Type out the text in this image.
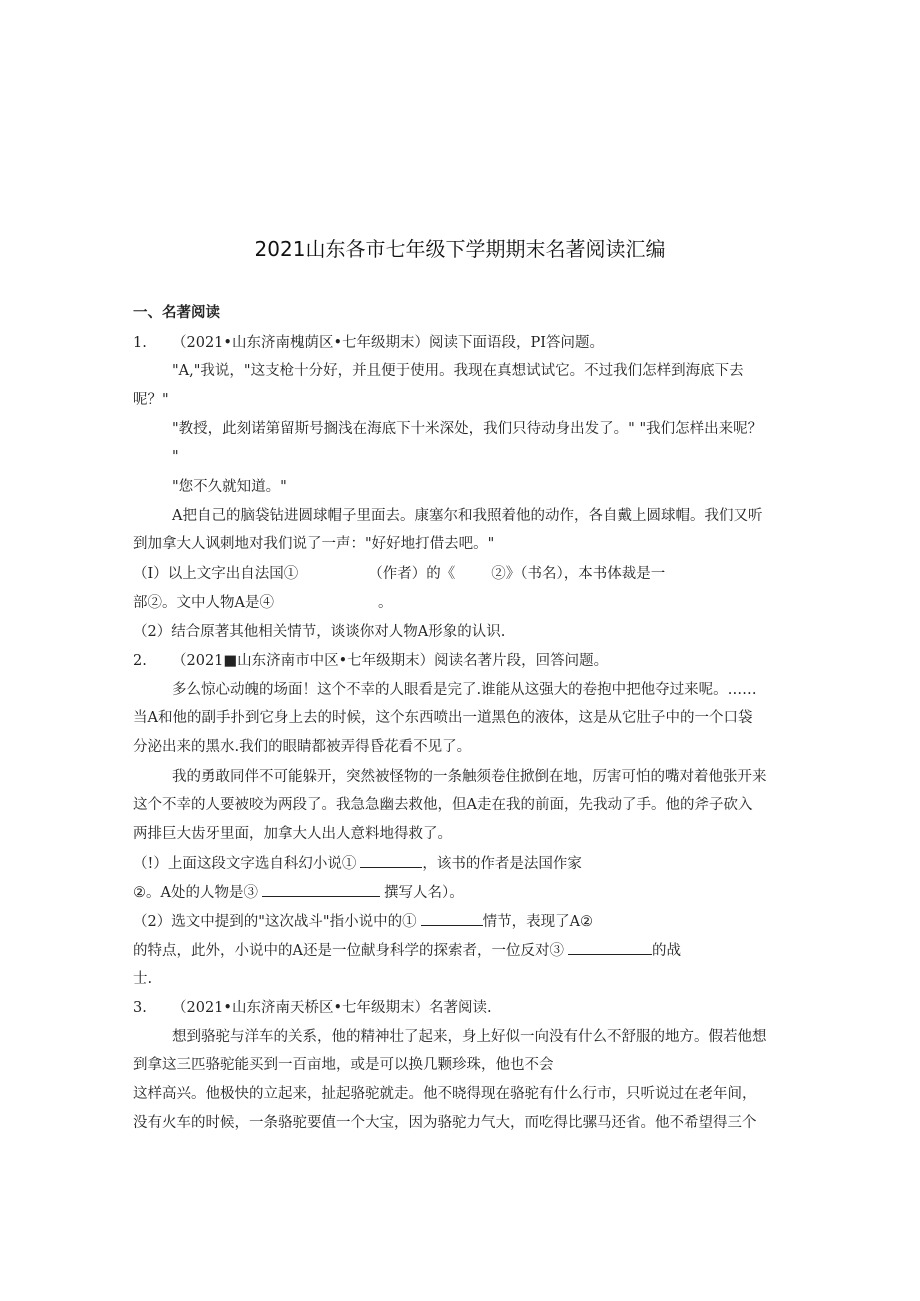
2021山东各市七年级下学期期末名著阅读汇编
一、名著阅读
1. （2021•山东济南槐荫区•七年级期末）阅读下面语段，PI答问题。
"A,"我说，"这支枪十分好，并且便于使用。我现在真想试试它。不过我们怎样到海底下去
呢？"
"教授，此刻诺第留斯号搁浅在海底下十米深处，我们只待动身出发了。" "我们怎样出来呢？
"
"您不久就知道。"
A把自己的脑袋钻进圆球帽子里面去。康塞尔和我照着他的动作，各自戴上圆球帽。我们又听
到加拿大人讽刺地对我们说了一声："好好地打借去吧。"
（I）以上文字出自法国①	（作者）的《 ②》（书名），本书体裁是一
部②。文中人物A是④	。
（2）结合原著其他相关情节，谈谈你对人物A形象的认识.
2. （2021■山东济南市中区•七年级期末）阅读名著片段，回答问题。
多么惊心动魄的场面！这个不幸的人眼看是完了.谁能从这强大的卷抱中把他夺过来呢。……
当A和他的副手扑到它身上去的时候，这个东西喷出一道黑色的液体，这是从它肚子中的一个口袋
分泌出来的黑水.我们的眼睛都被弄得昏花看不见了。
我的勇敢同伴不可能躲开，突然被怪物的一条触须卷住掀倒在地，厉害可怕的嘴对着他张开来
这个不幸的人要被咬为两段了。我急急幽去救他，但A走在我的前面，先我动了手。他的斧子砍入
两排巨大齿牙里面，加拿大人出人意料地得救了。
（!）上面这段文字选自科幻小说①	，该书的作者是法国作家
②。A处的人物是③	撰写人名）。
（2）选文中提到的"这次战斗"指小说中的①	情节，表现了A②
的特点，此外，小说中的A还是一位献身科学的探索者，一位反对③	的战
士.
3. （2021•山东济南天桥区•七年级期末）名著阅读.
想到骆驼与洋车的关系，他的精神壮了起来，身上好似一向没有什么不舒服的地方。假若他想
到拿这三匹骆驼能买到一百亩地，或是可以换几颗珍珠，他也不会
这样高兴。他极快的立起来，扯起骆驼就走。他不晓得现在骆驼有什么行市，只听说过在老年间，
没有火车的时候，一条骆驼要值一个大宝，因为骆驼力气大，而吃得比骡马还省。他不希望得三个
